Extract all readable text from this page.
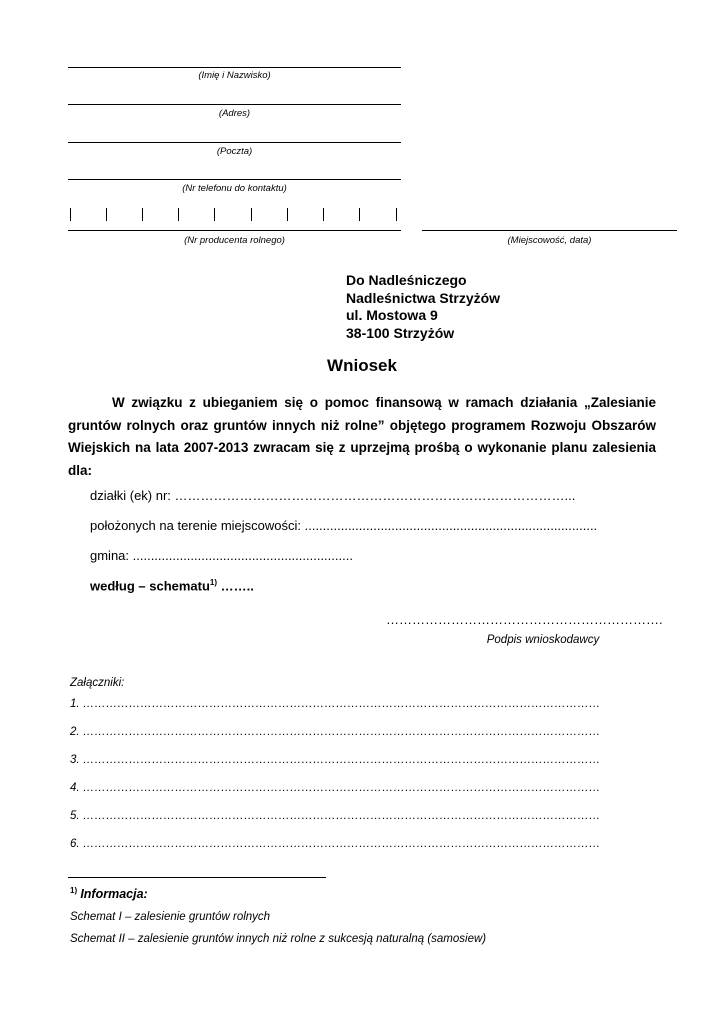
(Imię i Nazwisko)
(Adres)
(Poczta)
(Nr telefonu do kontaktu)
(Nr producenta rolnego)	(Miejscowość, data)
Do Nadleśniczego
Nadleśnictwa Strzyżów
ul. Mostowa 9
38-100 Strzyżów
Wniosek
W związku z ubieganiem się o pomoc finansową w ramach działania „Zalesianie gruntów rolnych oraz gruntów innych niż rolne” objętego programem Rozwoju Obszarów Wiejskich na lata 2007-2013 zwracam się z uprzejmą prośbą o wykonanie planu zalesienia dla:
działki (ek) nr: ………………………………………………………………………………...
położonych na terenie miejscowości: .................................................................................
gmina: .............................................................
według – schematu$^{1)}$ ……..
……………………………………………………….
Podpis wnioskodawcy
Załączniki:
1. ………………………………………………………………………………………………………………………
2. ………………………………………………………………………………………………………………………
3. ………………………………………………………………………………………………………………………
4. ………………………………………………………………………………………………………………………
5. ………………………………………………………………………………………………………………………
6. ………………………………………………………………………………………………………………………
$^{1)}$ Informacja:
Schemat I – zalesienie gruntów rolnych
Schemat II – zalesienie gruntów innych niż rolne z sukcesją naturalną (samosiew)
